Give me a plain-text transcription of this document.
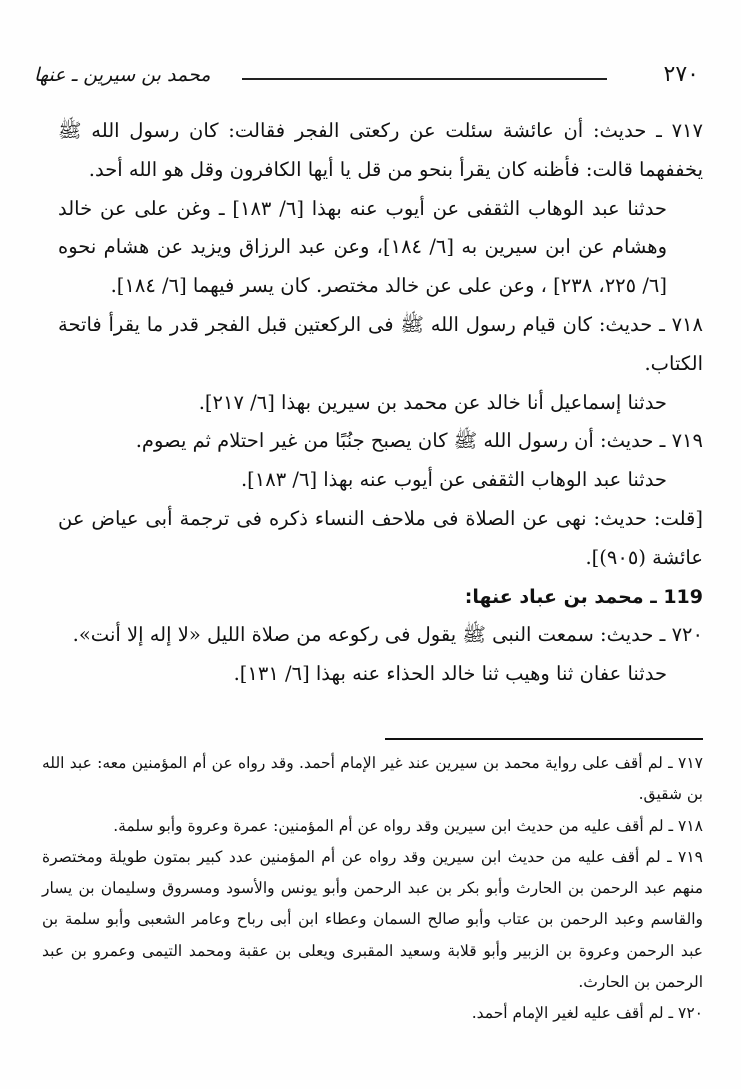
٢٧٠
محمد بن سيرين ـ عنها

٧١٧ ـ حديث: أن عائشة سئلت عن ركعتى الفجر فقالت: كان رسول الله ﷺ يخففهما قالت: فأظنه كان يقرأ بنحو من قل يا أيها الكافرون وقل هو الله أحد.

حدثنا عبد الوهاب الثقفى عن أيوب عنه بهذا [٦/ ١٨٣] ـ وغن على عن خالد وهشام عن ابن سيرين به [٦/ ١٨٤]، وعن عبد الرزاق ويزيد عن هشام نحوه [٦/ ٢٢٥، ٢٣٨] ، وعن على عن خالد مختصر. كان يسر فيهما [٦/ ١٨٤].

٧١٨ ـ حديث: كان قيام رسول الله ﷺ فى الركعتين قبل الفجر قدر ما يقرأ فاتحة الكتاب.

حدثنا إسماعيل أنا خالد عن محمد بن سيرين بهذا [٦/ ٢١٧].

٧١٩ ـ حديث: أن رسول الله ﷺ كان يصبح جنُبًا من غير احتلام ثم يصوم.

حدثنا عبد الوهاب الثقفى عن أيوب عنه بهذا [٦/ ١٨٣].

[قلت: حديث: نهى عن الصلاة فى ملاحف النساء ذكره فى ترجمة أبى عياض عن عائشة (٩٠٥)].

119 ـ محمد بن عباد عنها:

٧٢٠ ـ حديث: سمعت النبى ﷺ يقول فى ركوعه من صلاة الليل «لا إله إلا أنت».

حدثنا عفان ثنا وهيب ثنا خالد الحذاء عنه بهذا [٦/ ١٣١].

٧١٧ ـ لم أقف على رواية محمد بن سيرين عند غير الإمام أحمد. وقد رواه عن أم المؤمنين معه: عبد الله بن شقيق.

٧١٨ ـ لم أقف عليه من حديث ابن سيرين وقد رواه عن أم المؤمنين: عمرة وعروة وأبو سلمة.

٧١٩ ـ لم أقف عليه من حديث ابن سيرين وقد رواه عن أم المؤمنين عدد كبير بمتون طويلة ومختصرة منهم عبد الرحمن بن الحارث وأبو بكر بن عبد الرحمن وأبو يونس والأسود ومسروق وسليمان بن يسار والقاسم وعبد الرحمن بن عتاب وأبو صالح السمان وعطاء ابن أبى رباح وعامر الشعبى وأبو سلمة بن عبد الرحمن وعروة بن الزبير وأبو قلابة وسعيد المقبرى ويعلى بن عقبة ومحمد التيمى وعمرو بن عبد الرحمن بن الحارث.

٧٢٠ ـ لم أقف عليه لغير الإمام أحمد.
